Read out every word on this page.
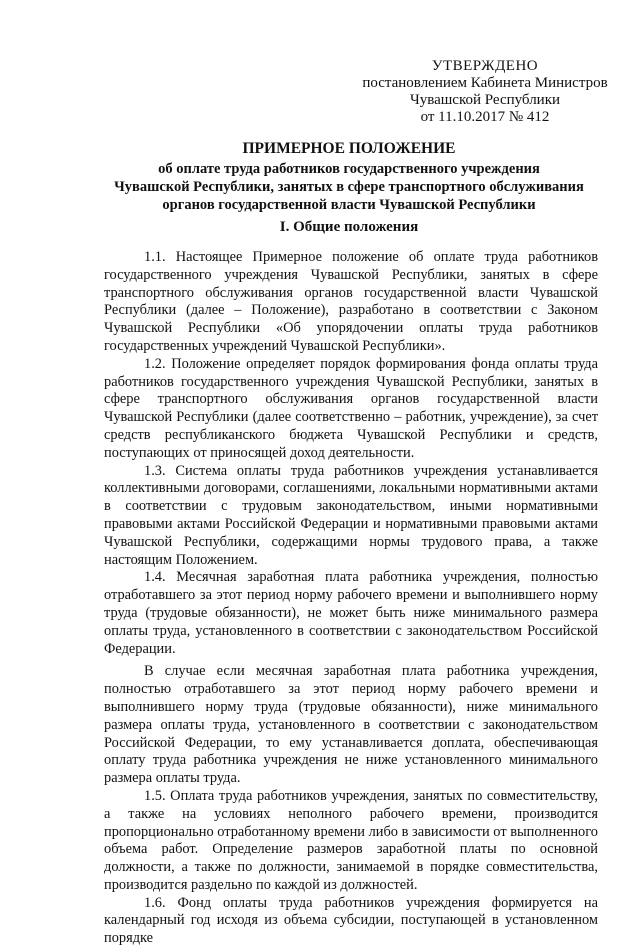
УТВЕРЖДЕНО
постановлением Кабинета Министров
Чувашской Республики
от 11.10.2017 № 412
ПРИМЕРНОЕ ПОЛОЖЕНИЕ
об оплате труда работников государственного учреждения
Чувашской Республики, занятых в сфере транспортного обслуживания
органов государственной власти Чувашской Республики
I. Общие положения

1.1. Настоящее Примерное положение об оплате труда работников государственного учреждения Чувашской Республики, занятых в сфере транспортного обслуживания органов государственной власти Чувашской Республики (далее – Положение), разработано в соответствии с Законом Чувашской Республики «Об упорядочении оплаты труда работников государственных учреждений Чувашской Республики».

1.2. Положение определяет порядок формирования фонда оплаты труда работников государственного учреждения Чувашской Республики, занятых в сфере транспортного обслуживания органов государственной власти Чувашской Республики (далее соответственно – работник, учреждение), за счет средств республиканского бюджета Чувашской Республики и средств, поступающих от приносящей доход деятельности.

1.3. Система оплаты труда работников учреждения устанавливается коллективными договорами, соглашениями, локальными нормативными актами в соответствии с трудовым законодательством, иными нормативными правовыми актами Российской Федерации и нормативными правовыми актами Чувашской Республики, содержащими нормы трудового права, а также настоящим Положением.

1.4. Месячная заработная плата работника учреждения, полностью отработавшего за этот период норму рабочего времени и выполнившего норму труда (трудовые обязанности), не может быть ниже минимального размера оплаты труда, установленного в соответствии с законодательством Российской Федерации.

В случае если месячная заработная плата работника учреждения, полностью отработавшего за этот период норму рабочего времени и выполнившего норму труда (трудовые обязанности), ниже минимального размера оплаты труда, установленного в соответствии с законодательством Российской Федерации, то ему устанавливается доплата, обеспечивающая оплату труда работника учреждения не ниже установленного минимального размера оплаты труда.

1.5. Оплата труда работников учреждения, занятых по совместительству, а также на условиях неполного рабочего времени, производится пропорционально отработанному времени либо в зависимости от выполненного объема работ. Определение размеров заработной платы по основной должности, а также по должности, занимаемой в порядке совместительства, производится раздельно по каждой из должностей.

1.6. Фонд оплаты труда работников учреждения формируется на календарный год исходя из объема субсидии, поступающей в установленном порядке
